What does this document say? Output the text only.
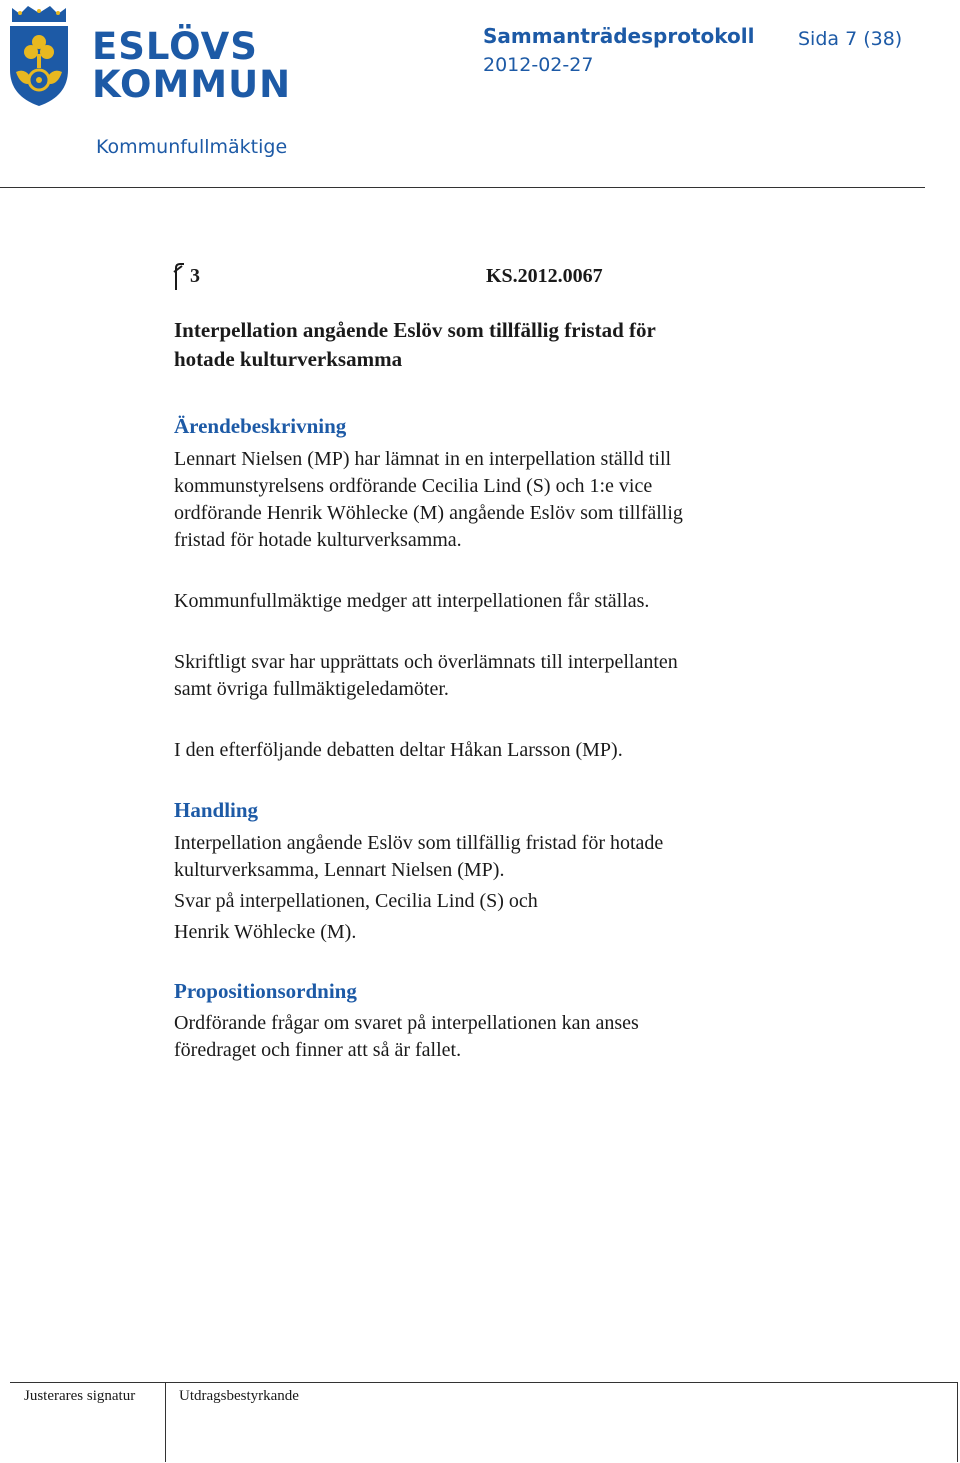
ESLÖVS
KOMMUN
Sammanträdesprotokoll Sida 7 (38)
2012-02-27
Kommunfullmäktige
3	KS.2012.0067
Interpellation angående Eslöv som tillfällig fristad för
hotade kulturverksamma
Ärendebeskrivning
Lennart Nielsen (MP) har lämnat in en interpellation ställd till
kommunstyrelsens ordförande Cecilia Lind (S) och 1:e vice
ordförande Henrik Wöhlecke (M) angående Eslöv som tillfällig
fristad för hotade kulturverksamma.
Kommunfullmäktige medger att interpellationen får ställas.
Skriftligt svar har upprättats och överlämnats till interpellanten
samt övriga fullmäktigeledamöter.
I den efterföljande debatten deltar Håkan Larsson (MP).
Handling
Interpellation angående Eslöv som tillfällig fristad för hotade
kulturverksamma, Lennart Nielsen (MP).
Svar på interpellationen, Cecilia Lind (S) och
Henrik Wöhlecke (M).
Propositionsordning
Ordförande frågar om svaret på interpellationen kan anses
föredraget och finner att så är fallet.
Justerares signatur	Utdragsbestyrkande
